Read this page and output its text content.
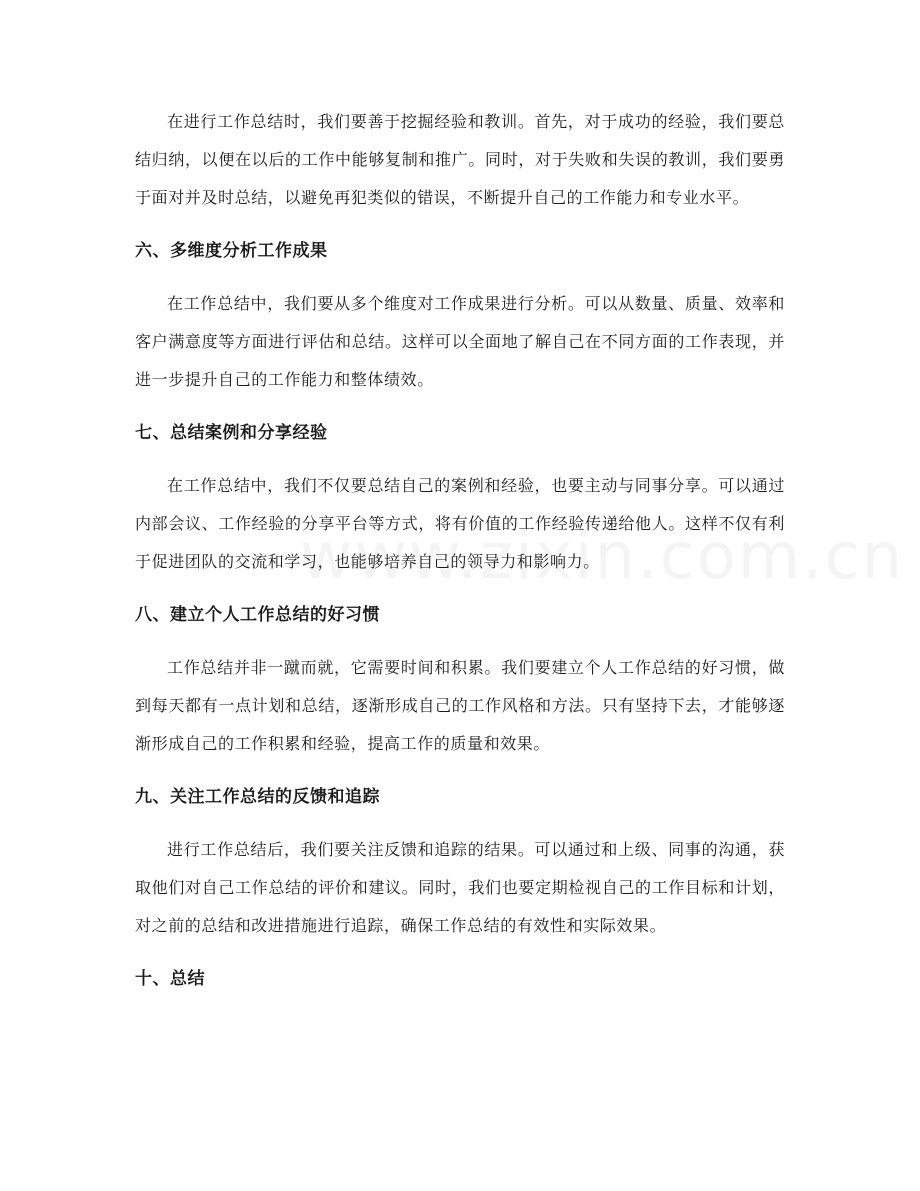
在进行工作总结时，我们要善于挖掘经验和教训。首先，对于成功的经验，我们要总结归纳，以便在以后的工作中能够复制和推广。同时，对于失败和失误的教训，我们要勇于面对并及时总结，以避免再犯类似的错误，不断提升自己的工作能力和专业水平。

六、多维度分析工作成果

在工作总结中，我们要从多个维度对工作成果进行分析。可以从数量、质量、效率和客户满意度等方面进行评估和总结。这样可以全面地了解自己在不同方面的工作表现，并进一步提升自己的工作能力和整体绩效。

七、总结案例和分享经验

在工作总结中，我们不仅要总结自己的案例和经验，也要主动与同事分享。可以通过内部会议、工作经验的分享平台等方式，将有价值的工作经验传递给他人。这样不仅有利于促进团队的交流和学习，也能够培养自己的领导力和影响力。

八、建立个人工作总结的好习惯

工作总结并非一蹴而就，它需要时间和积累。我们要建立个人工作总结的好习惯，做到每天都有一点计划和总结，逐渐形成自己的工作风格和方法。只有坚持下去，才能够逐渐形成自己的工作积累和经验，提高工作的质量和效果。

九、关注工作总结的反馈和追踪

进行工作总结后，我们要关注反馈和追踪的结果。可以通过和上级、同事的沟通，获取他们对自己工作总结的评价和建议。同时，我们也要定期检视自己的工作目标和计划，对之前的总结和改进措施进行追踪，确保工作总结的有效性和实际效果。

十、总结
